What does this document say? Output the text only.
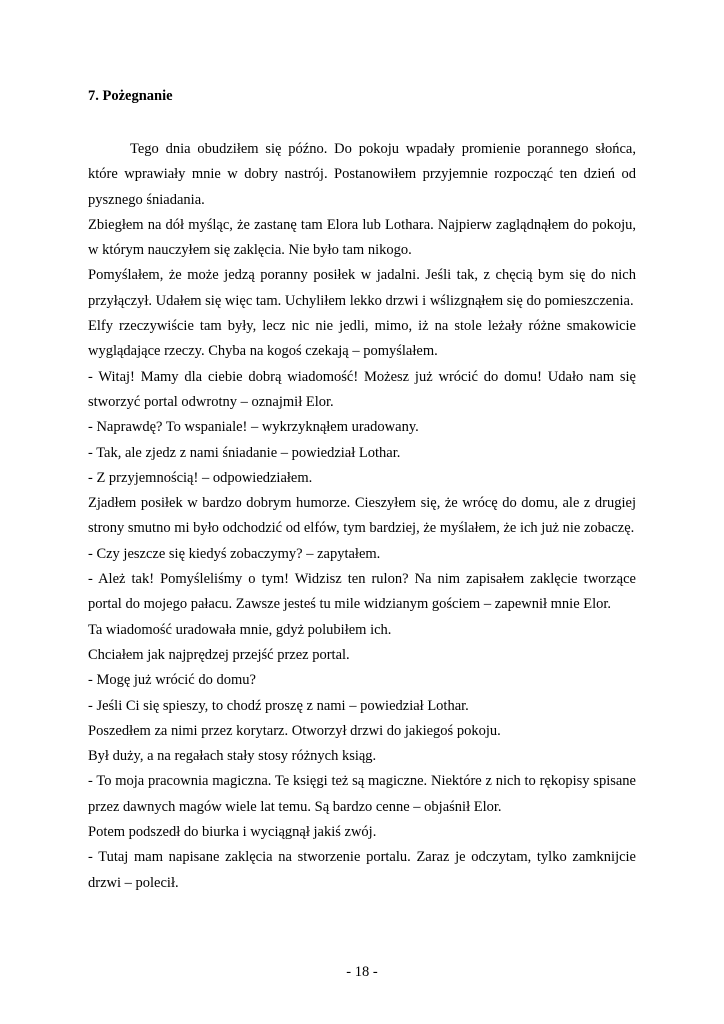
7. Pożegnanie

Tego dnia obudziłem się późno. Do pokoju wpadały promienie porannego słońca, które wprawiały mnie w dobry nastrój. Postanowiłem przyjemnie rozpocząć ten dzień od pysznego śniadania.

Zbiegłem na dół myśląc, że zastanę tam Elora lub Lothara. Najpierw zaglądnąłem do pokoju, w którym nauczyłem się zaklęcia. Nie było tam nikogo.

Pomyślałem, że może jedzą poranny posiłek w jadalni. Jeśli tak, z chęcią bym się do nich przyłączył. Udałem się więc tam. Uchyliłem lekko drzwi i wślizgnąłem się do pomieszczenia.

Elfy rzeczywiście tam były, lecz nic nie jedli, mimo, iż na stole leżały różne smakowicie wyglądające rzeczy. Chyba na kogoś czekają – pomyślałem.

- Witaj! Mamy dla ciebie dobrą wiadomość! Możesz już wrócić do domu! Udało nam się stworzyć portal odwrotny – oznajmił Elor.

- Naprawdę? To wspaniale! – wykrzyknąłem uradowany.

- Tak, ale zjedz z nami śniadanie – powiedział Lothar.

- Z przyjemnością! – odpowiedziałem.

Zjadłem posiłek w bardzo dobrym humorze. Cieszyłem się, że wrócę do domu, ale z drugiej strony smutno mi było odchodzić od elfów, tym bardziej, że myślałem, że ich już nie zobaczę.

- Czy jeszcze się kiedyś zobaczymy? – zapytałem.

- Ależ tak! Pomyśleliśmy o tym! Widzisz ten rulon? Na nim zapisałem zaklęcie tworzące portal do mojego pałacu. Zawsze jesteś tu mile widzianym gościem – zapewnił mnie Elor.

Ta wiadomość uradowała mnie, gdyż polubiłem ich.

Chciałem jak najprędzej przejść przez portal.

- Mogę już wrócić do domu?

- Jeśli Ci się spieszy, to chodź proszę z nami – powiedział Lothar.

Poszedłem za nimi przez korytarz. Otworzył drzwi do jakiegoś pokoju.

Był duży, a na regałach stały stosy różnych ksiąg.

- To moja pracownia magiczna. Te księgi też są magiczne. Niektóre z nich to rękopisy spisane przez dawnych magów wiele lat temu. Są bardzo cenne – objaśnił Elor.

Potem podszedł do biurka i wyciągnął jakiś zwój.

- Tutaj mam napisane zaklęcia na stworzenie portalu. Zaraz je odczytam, tylko zamknijcie drzwi – polecił.

- 18 -
